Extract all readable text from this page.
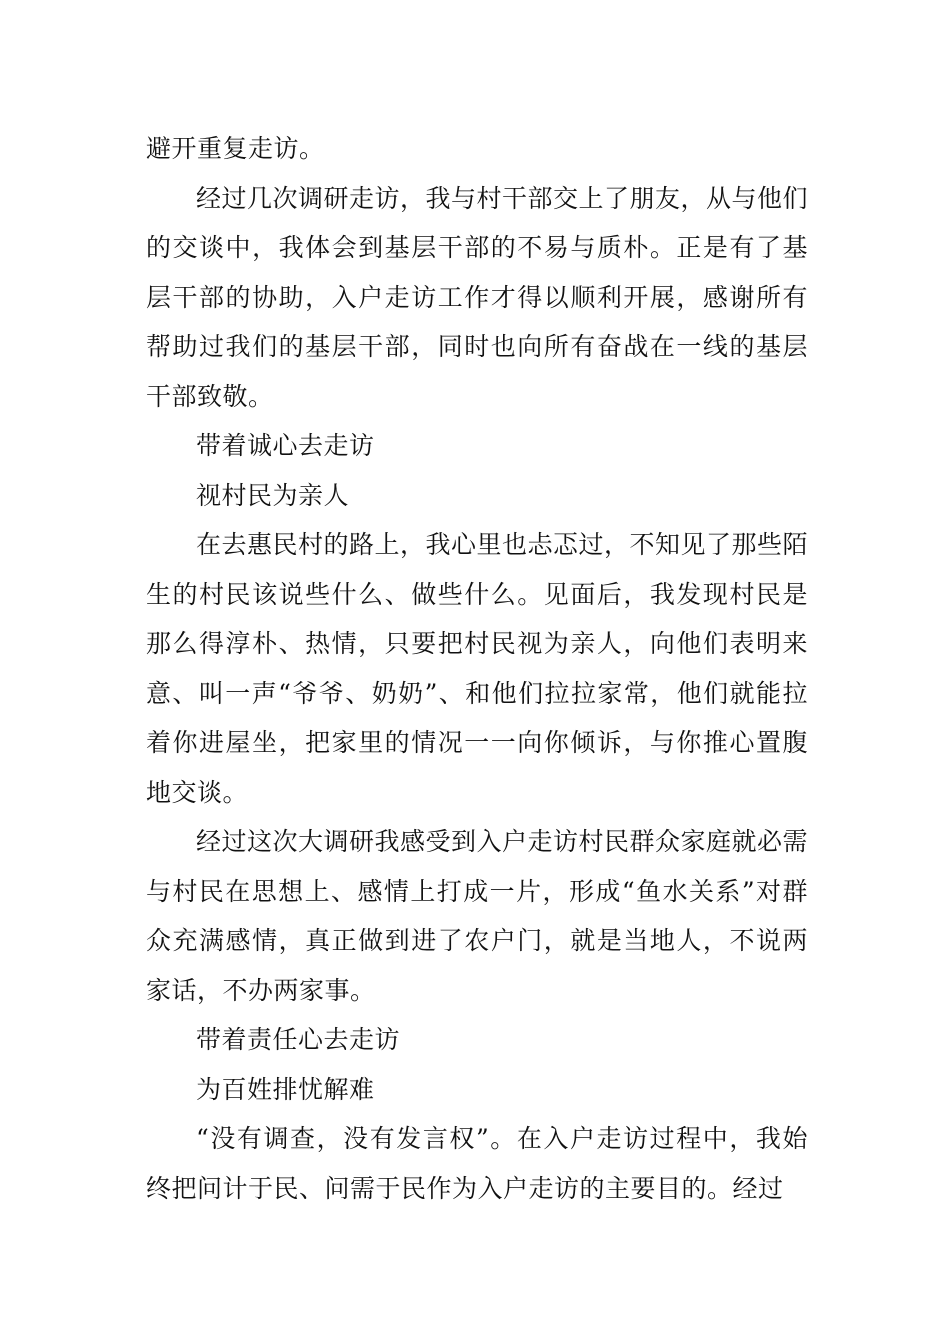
避开重复走访。

经过几次调研走访，我与村干部交上了朋友，从与他们的交谈中，我体会到基层干部的不易与质朴。正是有了基层干部的协助，入户走访工作才得以顺利开展，感谢所有帮助过我们的基层干部，同时也向所有奋战在一线的基层干部致敬。

带着诚心去走访

视村民为亲人

在去惠民村的路上，我心里也忐忑过，不知见了那些陌生的村民该说些什么、做些什么。见面后，我发现村民是那么得淳朴、热情，只要把村民视为亲人，向他们表明来意、叫一声“爷爷、奶奶”、和他们拉拉家常，他们就能拉着你进屋坐，把家里的情况一一向你倾诉，与你推心置腹地交谈。

经过这次大调研我感受到入户走访村民群众家庭就必需与村民在思想上、感情上打成一片，形成“鱼水关系”对群众充满感情，真正做到进了农户门，就是当地人，不说两家话，不办两家事。

带着责任心去走访

为百姓排忧解难

“没有调查，没有发言权”。在入户走访过程中，我始终把问计于民、问需于民作为入户走访的主要目的。经过
